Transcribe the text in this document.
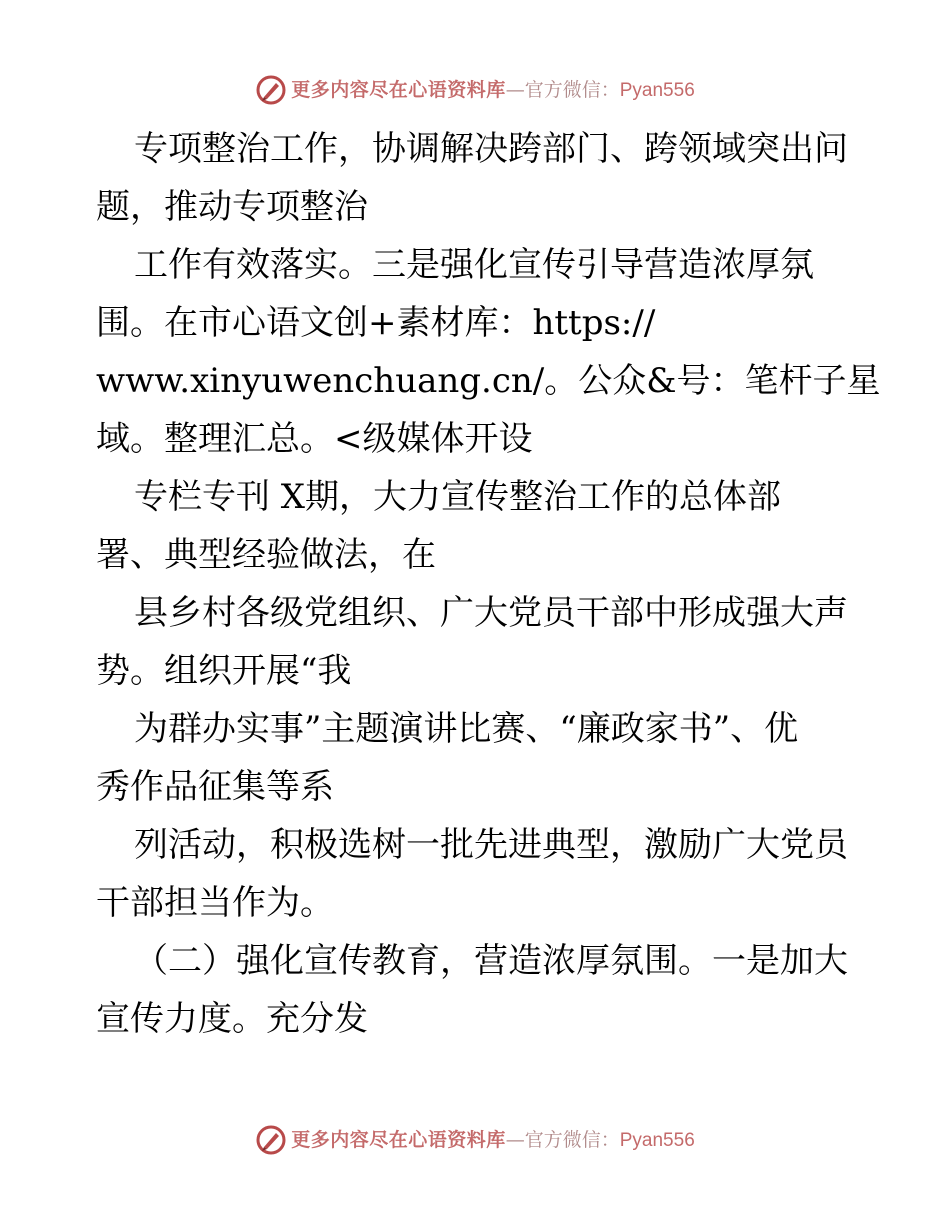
更多内容尽在心语资料库 — 官方微信： Pyan556
专项整治工作，协调解决跨部门、跨领域突出问
题，推动专项整治
工作有效落实。三是强化宣传引导营造浓厚氛
围。在市心语文创+素材库：https://
www.xinyuwenchuang.cn/。公众&号：笔杆子星
域。整理汇总。<级媒体开设
专栏专刊 X期，大力宣传整治工作的总体部
署、典型经验做法，在
县乡村各级党组织、广大党员干部中形成强大声
势。组织开展“我
为群办实事”主题演讲比赛、“廉政家书”、优
秀作品征集等系
列活动，积极选树一批先进典型，激励广大党员
干部担当作为。
（二）强化宣传教育，营造浓厚氛围。一是加大
宣传力度。充分发
更多内容尽在心语资料库 — 官方微信： Pyan556
